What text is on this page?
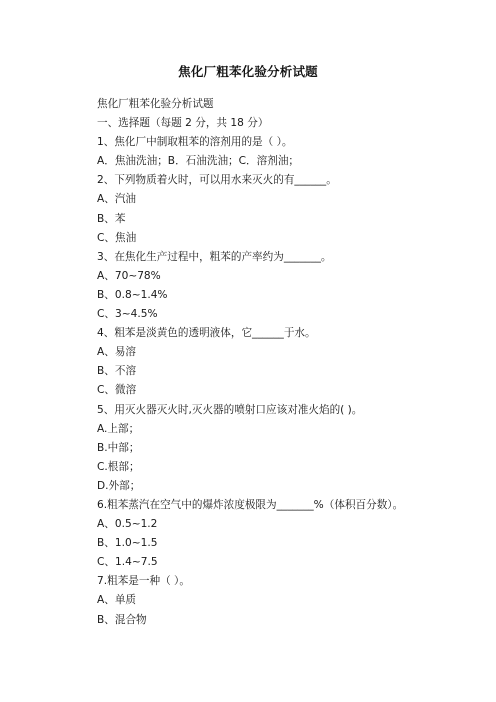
焦化厂粗苯化验分析试题
焦化厂粗苯化验分析试题
一、选择题（每题 2 分，共 18 分）
1、焦化厂中制取粗苯的溶剂用的是（ ）。
A．焦油洗油；B．石油洗油；C．溶剂油；
2、下列物质着火时，可以用水来灭火的有______。
A、汽油
B、苯
C、焦油
3、在焦化生产过程中，粗苯的产率约为_______。
A、70~78%
B、0.8~1.4%
C、3~4.5%
4、粗苯是淡黄色的透明液体，它______于水。
A、易溶
B、不溶
C、微溶
5、用灭火器灭火时,灭火器的喷射口应该对准火焰的( )。
A.上部；
B.中部；
C.根部；
D.外部；
6.粗苯蒸汽在空气中的爆炸浓度极限为_______%（体积百分数）。
A、0.5~1.2
B、1.0~1.5
C、1.4~7.5
7.粗苯是一种（ ）。
A、单质
B、混合物
